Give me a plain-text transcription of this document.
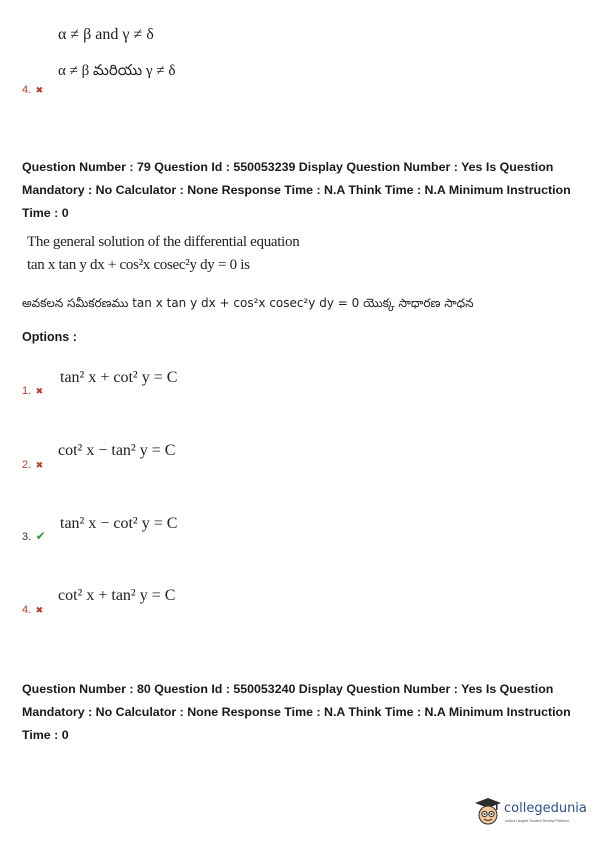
α ≠ β and γ ≠ δ
α ≠ β మరియు γ ≠ δ
4. ✖
Question Number : 79 Question Id : 550053239 Display Question Number : Yes Is Question
Mandatory : No Calculator : None Response Time : N.A Think Time : N.A Minimum Instruction
Time : 0
The general solution of the differential equation
tan x tan y dx + cos²x cosec²y dy = 0 is
అవకలన సమీకరణము tan x tan y dx + cos²x cosec²y dy = 0 యొక్క సాధారణ సాధన
Options :
tan² x + cot² y = C
1. ✖
cot² x − tan² y = C
2. ✖
tan² x − cot² y = C
3. ✔
cot² x + tan² y = C
4. ✖
Question Number : 80 Question Id : 550053240 Display Question Number : Yes Is Question
Mandatory : No Calculator : None Response Time : N.A Think Time : N.A Minimum Instruction
Time : 0
collegedunia
India's Largest Student Review Platform
